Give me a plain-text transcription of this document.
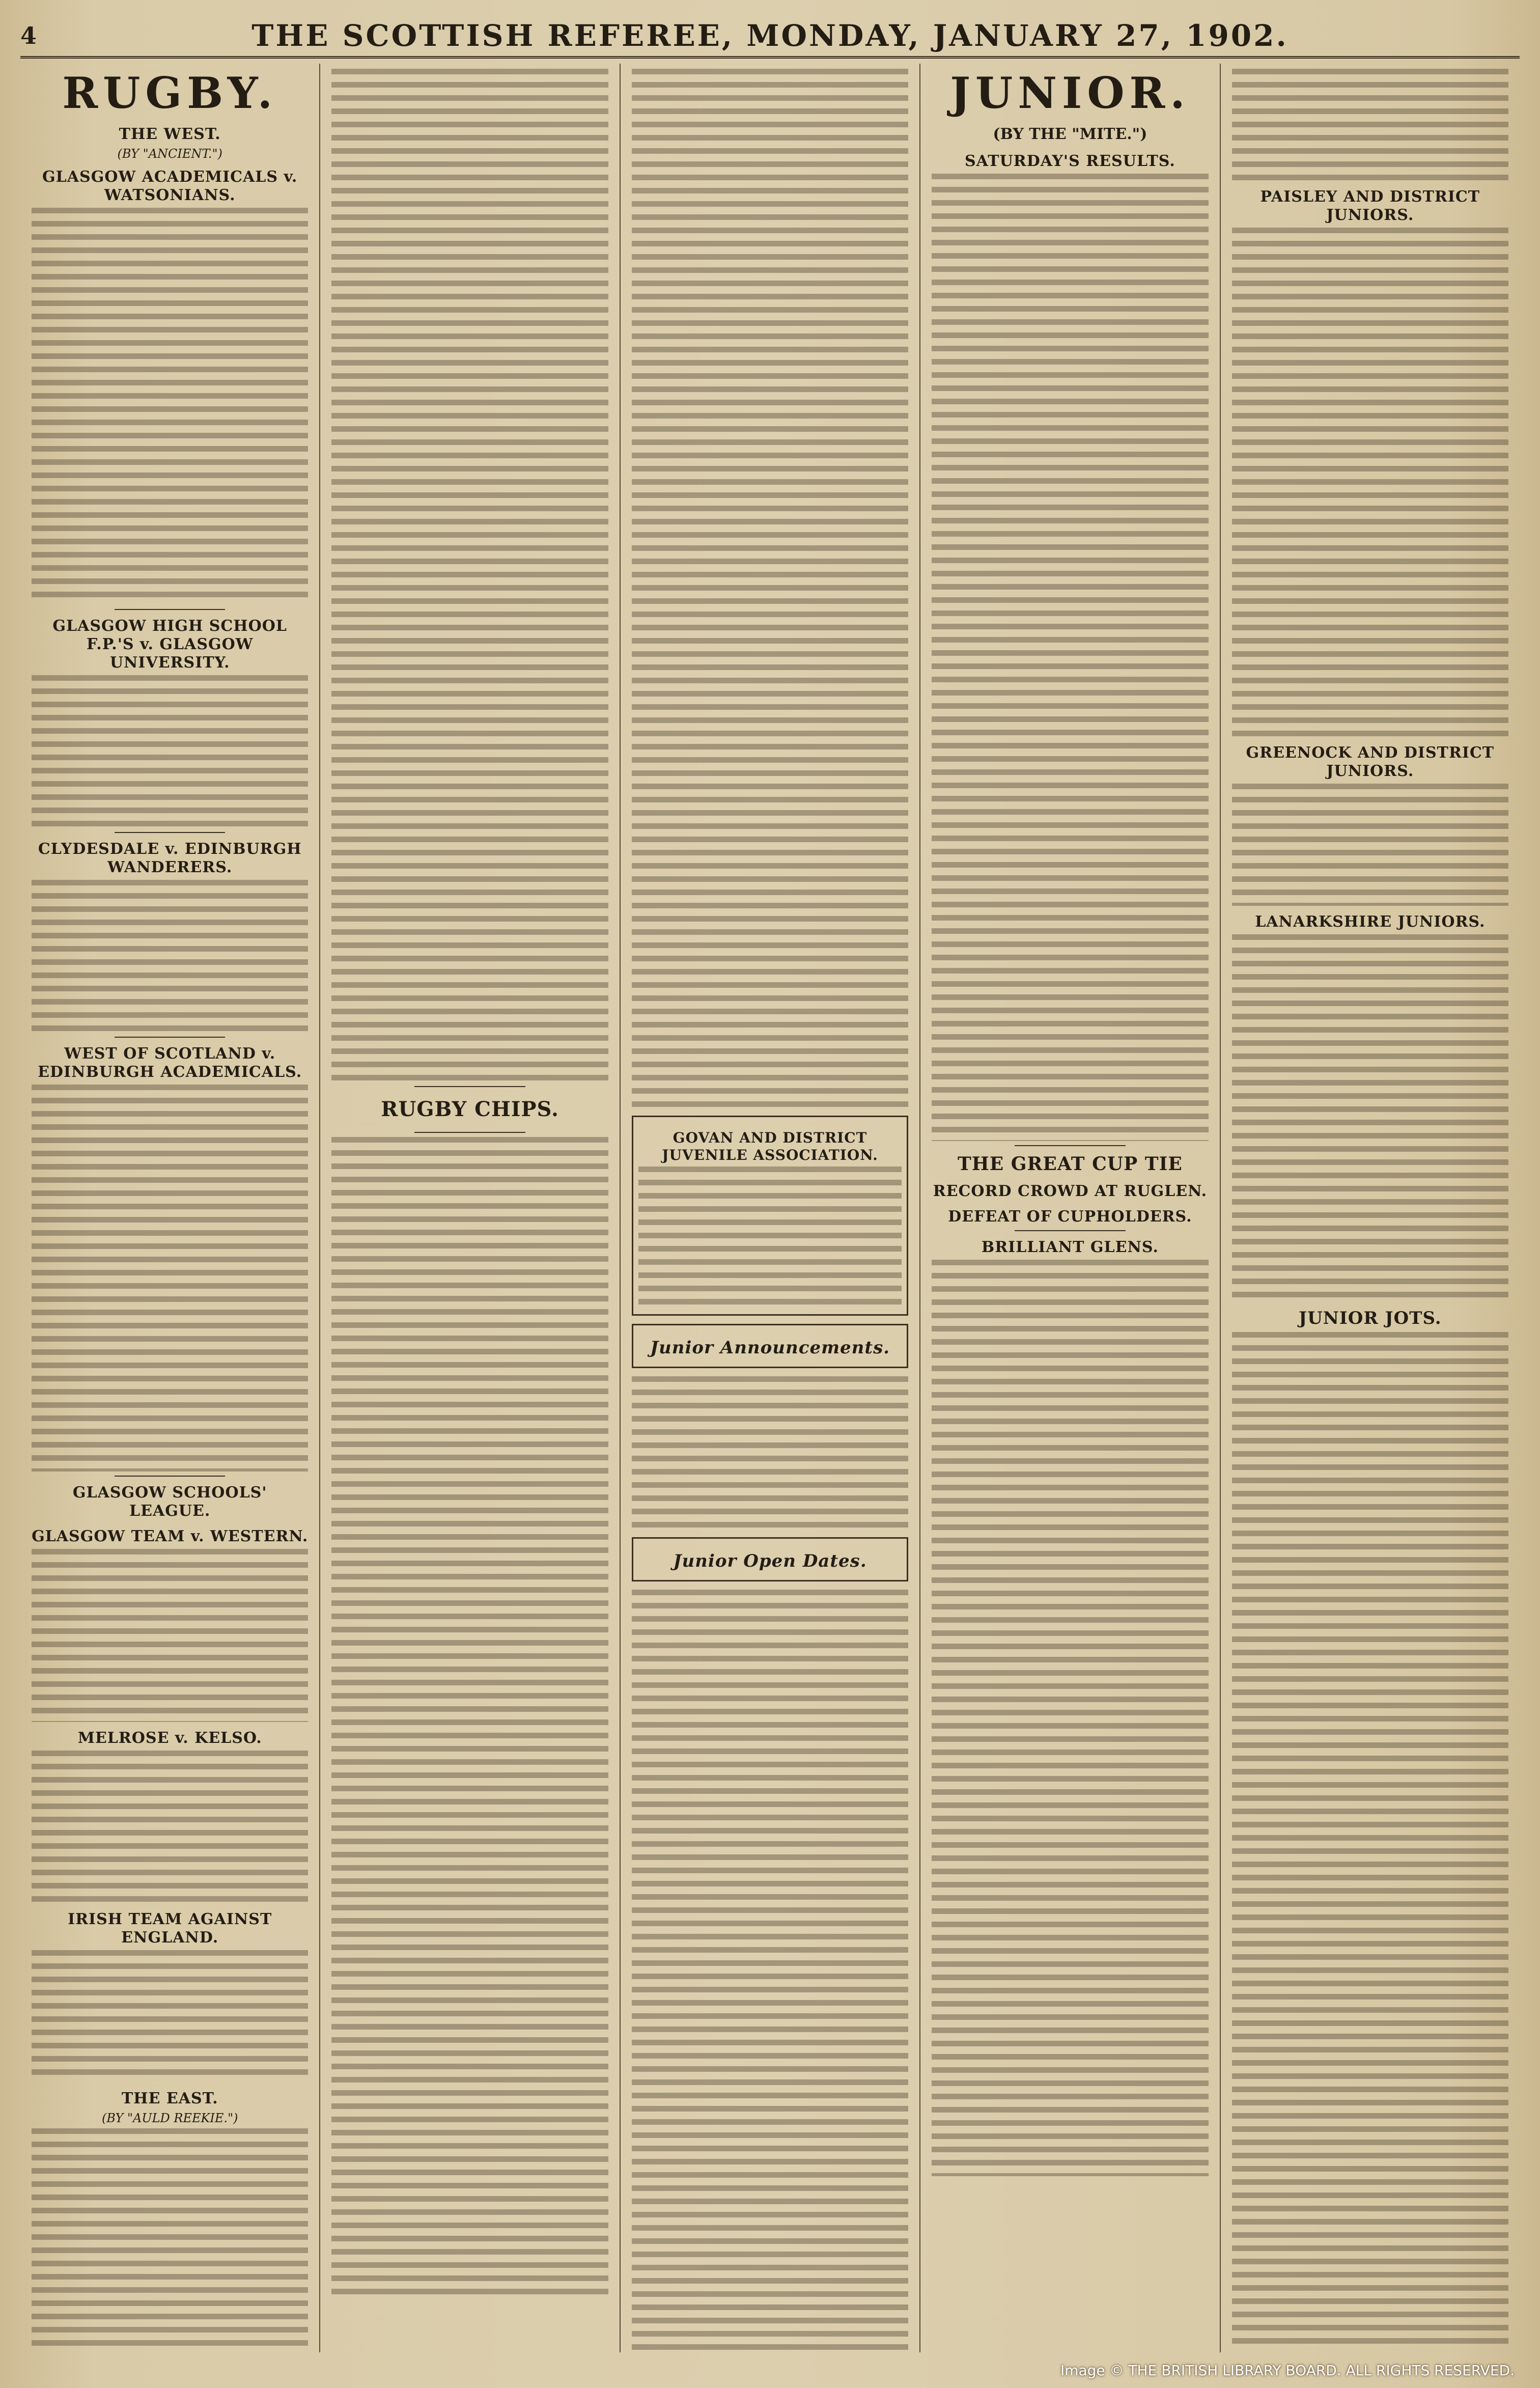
4	THE SCOTTISH REFEREE, MONDAY, JANUARY 27, 1902.
RUGBY.
THE WEST.
(BY "ANCIENT.")
GLASGOW ACADEMICALS v. WATSONIANS.
GLASGOW HIGH SCHOOL F.P.'S v. GLASGOW UNIVERSITY.
CLYDESDALE v. EDINBURGH WANDERERS.
WEST OF SCOTLAND v. EDINBURGH ACADEMICALS.
GLASGOW SCHOOLS' LEAGUE.
GLASGOW TEAM v. WESTERN.
MELROSE v. KELSO.
IRISH TEAM AGAINST ENGLAND.
THE EAST.
(BY "AULD REEKIE.")
RUGBY CHIPS.
GOVAN AND DISTRICT JUVENILE ASSOCIATION.
Junior Announcements.
Junior Open Dates.
JUNIOR.
(BY THE "MITE.")
SATURDAY'S RESULTS.
THE GREAT CUP TIE
RECORD CROWD AT RUGLEN.
DEFEAT OF CUPHOLDERS.
BRILLIANT GLENS.
PAISLEY AND DISTRICT JUNIORS.
GREENOCK AND DISTRICT JUNIORS.
LANARKSHIRE JUNIORS.
JUNIOR JOTS.
Image © THE BRITISH LIBRARY BOARD. ALL RIGHTS RESERVED.
